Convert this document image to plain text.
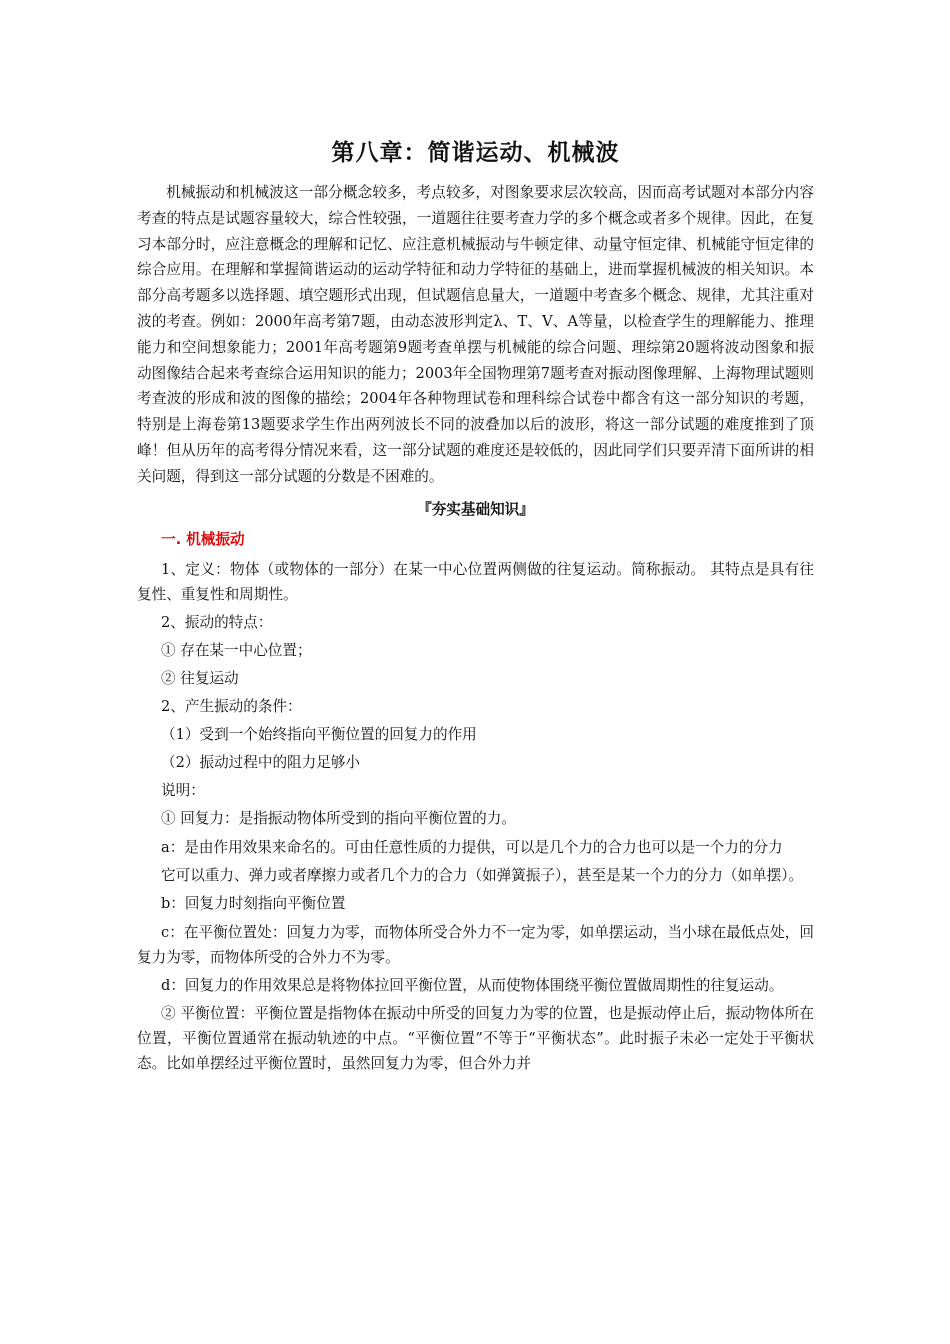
第八章：简谐运动、机械波

机械振动和机械波这一部分概念较多，考点较多，对图象要求层次较高，因而高考试题对本部分内容考查的特点是试题容量较大，综合性较强，一道题往往要考查力学的多个概念或者多个规律。因此，在复习本部分时，应注意概念的理解和记忆、应注意机械振动与牛顿定律、动量守恒定律、机械能守恒定律的综合应用。在理解和掌握简谐运动的运动学特征和动力学特征的基础上，进而掌握机械波的相关知识。本部分高考题多以选择题、填空题形式出现，但试题信息量大，一道题中考查多个概念、规律，尤其注重对波的考查。例如：2000年高考第7题，由动态波形判定λ、T、V、A等量，以检查学生的理解能力、推理能力和空间想象能力；2001年高考题第9题考查单摆与机械能的综合问题、理综第20题将波动图象和振动图像结合起来考查综合运用知识的能力；2003年全国物理第7题考查对振动图像理解、上海物理试题则考查波的形成和波的图像的描绘；2004年各种物理试卷和理科综合试卷中都含有这一部分知识的考题，特别是上海卷第13题要求学生作出两列波长不同的波叠加以后的波形，将这一部分试题的难度推到了顶峰！但从历年的高考得分情况来看，这一部分试题的难度还是较低的，因此同学们只要弄清下面所讲的相关问题，得到这一部分试题的分数是不困难的。

『夯实基础知识』
一. 机械振动

1、定义：物体（或物体的一部分）在某一中心位置两侧做的往复运动。简称振动。 其特点是具有往复性、重复性和周期性。

2、振动的特点：

① 存在某一中心位置；

② 往复运动

2、产生振动的条件：

（1）受到一个始终指向平衡位置的回复力的作用

（2）振动过程中的阻力足够小

说明：

① 回复力：是指振动物体所受到的指向平衡位置的力。

a：是由作用效果来命名的。可由任意性质的力提供，可以是几个力的合力也可以是一个力的分力

它可以重力、弹力或者摩擦力或者几个力的合力（如弹簧振子），甚至是某一个力的分力（如单摆）。

b：回复力时刻指向平衡位置

c：在平衡位置处：回复力为零，而物体所受合外力不一定为零，如单摆运动，当小球在最低点处，回复力为零，而物体所受的合外力不为零。

d：回复力的作用效果总是将物体拉回平衡位置，从而使物体围绕平衡位置做周期性的往复运动。

② 平衡位置：平衡位置是指物体在振动中所受的回复力为零的位置，也是振动停止后，振动物体所在位置，平衡位置通常在振动轨迹的中点。“平衡位置”不等于“平衡状态”。此时振子未必一定处于平衡状态。比如单摆经过平衡位置时，虽然回复力为零，但合外力并
